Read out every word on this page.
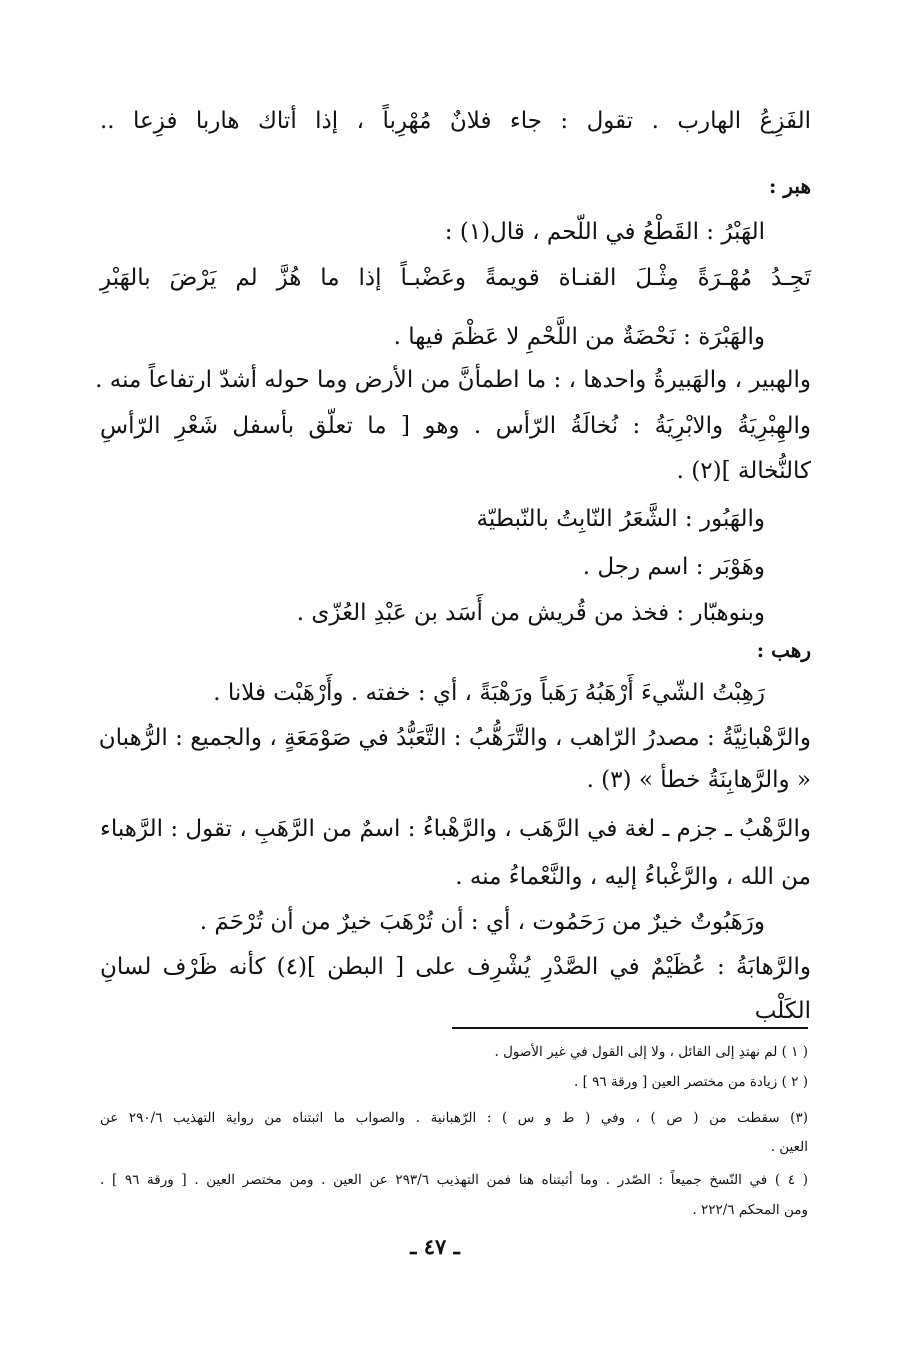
الفَزِعُ الهارب . تقول : جاء فلانٌ مُهْرِباً ، إذا أتاك هاربا فزِعا ..
هبر :
الهَبْرُ : القَطْعُ في اللّحم ، قال(١) :
تَجِـدُ مُهْـرَةً مِثْـلَ القنـاة قويمةً وعَضْبـاً إذا ما هُزَّ لم يَرْضَ بالهَبْرِ
والهَبْرَة : نَحْضَةٌ من اللَّحْمِ لا عَظْمَ فيها .
والهبير ، والهَبيرةُ واحدها ، : ما اطمأنَّ من الأرض وما حوله أشدّ ارتفاعاً منه .
والهِبْرِيَةُ والابْرِيَةُ : نُخالَةُ الرّأس . وهو [ ما تعلّق بأسفل شَعْرِ الرّأسِ
كالنُّخالة ](٢) .
والهَبُور : الشَّعَرُ النّابِتُ بالنّبطيّة
وهَوْبَر : اسم رجل .
وبنوهبّار : فخذ من قُريش من أَسَد بن عَبْدِ العُزّى .
رهب :
رَهِبْتُ الشّيءَ أَرْهَبُهُ رَهَباً ورَهْبَةً ، أي : خفته . وأَرْهَبْت فلانا .
والرَّهْبانِيَّةُ : مصدرُ الرّاهب ، والتَّرَهُّبُ : التَّعَبُّدُ في صَوْمَعَةٍ ، والجميع : الرُّهبان
« والرَّهابِنَةُ خطأ » (٣) .
والرَّهْبُ ـ جزم ـ لغة في الرَّهَب ، والرَّهْباءُ : اسمٌ من الرَّهَبِ ، تقول : الرَّهباء
من الله ، والرَّغْباءُ إليه ، والنَّعْماءُ منه .
ورَهَبُوتٌ خيرٌ من رَحَمُوت ، أي : أن تُرْهَبَ خيرٌ من أن تُرْحَمَ .
والرَّهابَةُ : عُظَيْمٌ في الصَّدْرِ يُشْرِف على [ البطن ](٤) كأنه ظَرْف لسانِ
الكَلْب
( ١ ) لم نهتدِ إلى القائل ، ولا إلى القول في غير الأصول .
( ٢ ) زيادة من مختصر العين [ ورقة ٩٦ ] .
(٣) سقطت من ( ص ) ، وفي ( ط و س ) : الرّهبانية . والصواب ما اثبتناه من رواية التهذيب ٢٩٠/٦ عن
العين .
( ٤ ) في النّسخ جميعاً : الصّدر . وما أثبتناه هنا فمن التهذيب ٢٩٣/٦ عن العين . ومن مختصر العين . [ ورقة ٩٦ ] .
ومن المحكم ٢٢٢/٦ .
ـ ٤٧ ـ
